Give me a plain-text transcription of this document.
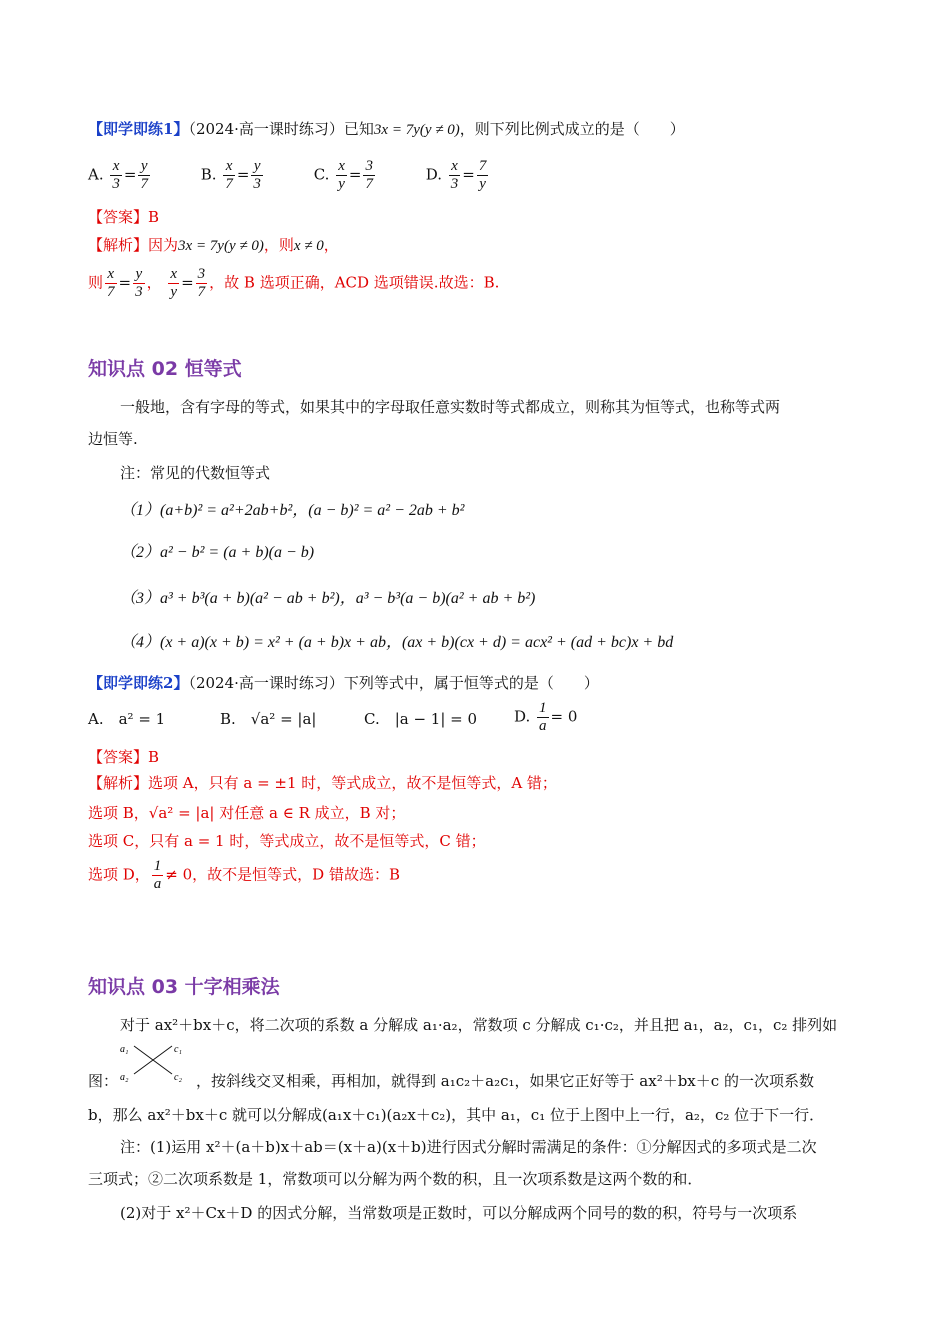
【即学即练1】（2024·高一课时练习）已知3x = 7y(y ≠ 0)，则下列比例式成立的是（　　）
A. $\frac{x}{3} = \frac{y}{7}$	B. $\frac{x}{7} = \frac{y}{3}$	C. $\frac{x}{y} = \frac{3}{7}$	D. $\frac{x}{3} = \frac{7}{y}$
【答案】B
【解析】因为3x = 7y(y ≠ 0)，则x ≠ 0，
则 $\frac{x}{7} = \frac{y}{3}$ ， $\frac{x}{y} = \frac{3}{7}$ ，故 B 选项正确，ACD 选项错误.故选：B.
知识点 02 恒等式
一般地，含有字母的等式，如果其中的字母取任意实数时等式都成立，则称其为恒等式，也称等式两
边恒等.
注：常见的代数恒等式
（1）(a+b)² = a²+2ab+b²，(a − b)² = a² − 2ab + b²
（2）a² − b² = (a + b)(a − b)
（3）a³ + b³(a + b)(a² − ab + b²)，a³ − b³(a − b)(a² + ab + b²)
（4）(x + a)(x + b) = x² + (a + b)x + ab，(ax + b)(cx + d) = acx² + (ad + bc)x + bd
【即学即练2】（2024·高一课时练习）下列等式中，属于恒等式的是（　　）
A.　a² = 1	B.　√a² = |a|	C.　|a − 1| = 0 D. $\frac{1}{a} = 0$
【答案】B
【解析】选项 A，只有 a = ±1 时，等式成立，故不是恒等式，A 错；
选项 B，√a² = |a| 对任意 a ∈ R 成立，B 对；
选项 C，只有 a = 1 时，等式成立，故不是恒等式，C 错；
选项 D， $\frac{1}{a} \ne 0$，故不是恒等式，D 错故选：B
知识点 03 十字相乘法
对于 ax²＋bx＋c，将二次项的系数 a 分解成 a₁·a₂，常数项 c 分解成 c₁·c₂，并且把 a₁，a₂，c₁，c₂ 排列如
a₁
a₂
c₁
c₂
图：	，按斜线交叉相乘，再相加，就得到 a₁c₂＋a₂c₁，如果它正好等于 ax²＋bx＋c 的一次项系数
b，那么 ax²＋bx＋c 就可以分解成(a₁x＋c₁)(a₂x＋c₂)，其中 a₁，c₁ 位于上图中上一行，a₂，c₂ 位于下一行．
注：(1)运用 x²＋(a＋b)x＋ab＝(x＋a)(x＋b)进行因式分解时需满足的条件：①分解因式的多项式是二次
三项式；②二次项系数是 1，常数项可以分解为两个数的积，且一次项系数是这两个数的和．
(2)对于 x²＋Cx＋D 的因式分解，当常数项是正数时，可以分解成两个同号的数的积，符号与一次项系
